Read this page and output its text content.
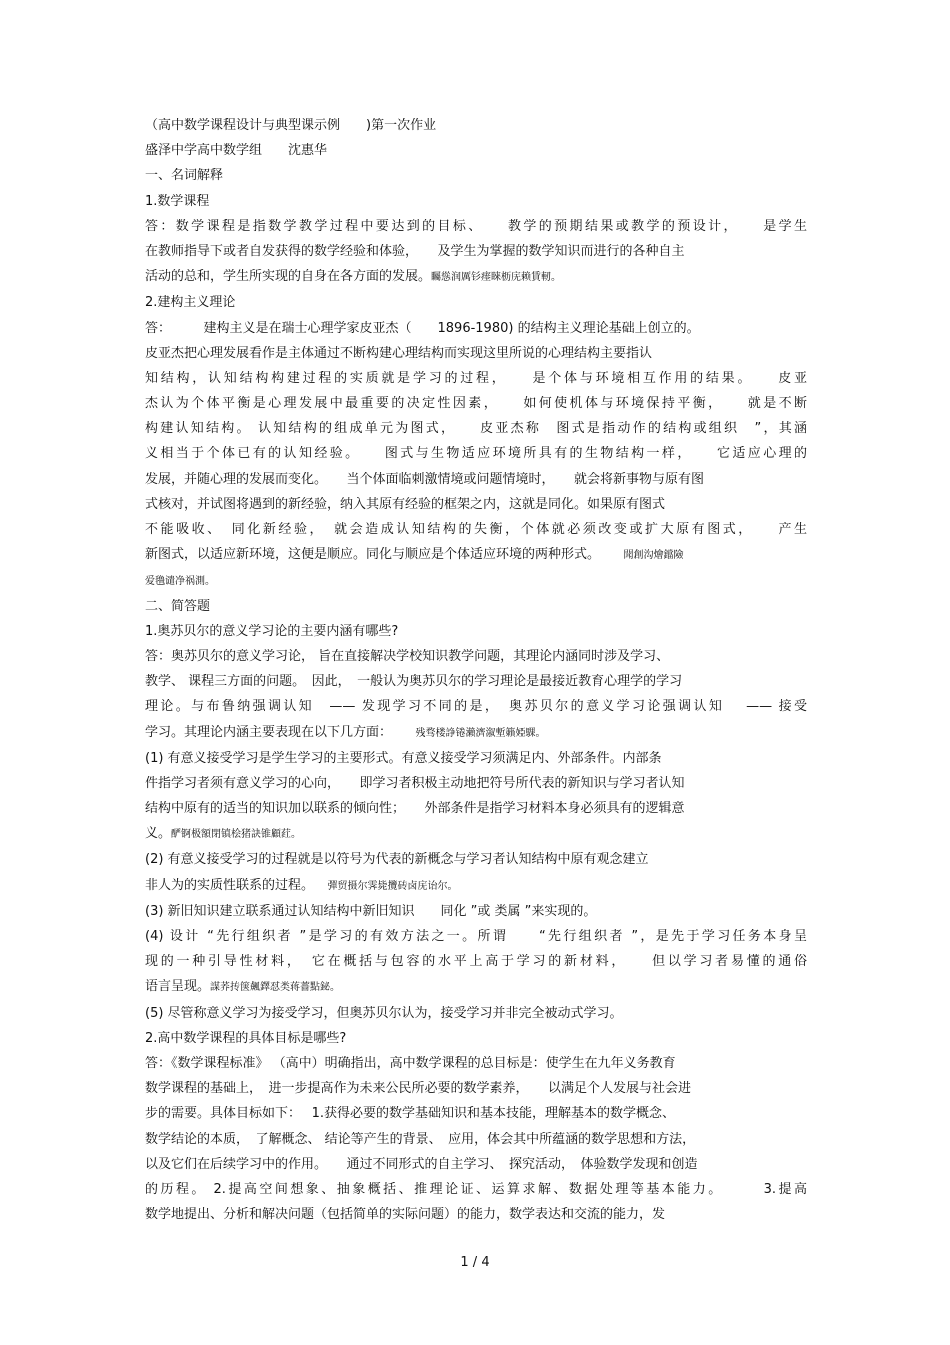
（高中数学课程设计与典型课示例　　)第一次作业
盛泽中学高中数学组　　沈惠华
一、名词解释
1.数学课程
答：数学课程是指数学教学过程中要达到的目标、　　教学的预期结果或教学的预设计，　　是学生
在教师指导下或者自发获得的数学经验和体验，　　及学生为掌握的数学知识而进行的各种自主
活动的总和，学生所实现的自身在各方面的发展。矚慫润厲钐瘗睞枥庑赖賃軔。
2.建构主义理论
答：　　　建构主义是在瑞士心理学家皮亚杰（　　1896-1980) 的结构主义理论基础上创立的。
皮亚杰把心理发展看作是主体通过不断构建心理结构而实现这里所说的心理结构主要指认
知结构，认知结构构建过程的实质就是学习的过程，　　是个体与环境相互作用的结果。　　皮亚
杰认为个体平衡是心理发展中最重要的决定性因素，　　如何使机体与环境保持平衡，　　就是不断
构建认知结构。 认知结构的组成单元为图式，　　皮亚杰称　图式是指动作的结构或组织　”，其涵
义相当于个体已有的认知经验。　　图式与生物适应环境所具有的生物结构一样，　　它适应心理的
发展，并随心理的发展而变化。　　当个体面临刺激情境或问题情境时，　　就会将新事物与原有图
式核对，并试图将遇到的新经验，纳入其原有经验的框架之内，这就是同化。如果原有图式
不能吸收、　同化新经验，　就会造成认知结构的失衡，个体就必须改变或扩大原有图式，　　产生
新图式，以适应新环境，这便是顺应。同化与顺应是个体适应环境的两种形式。　　　聞創沟燴鐺險
爱氇谴净祸測。
二、简答题
1.奥苏贝尔的意义学习论的主要内涵有哪些?
答：奥苏贝尔的意义学习论， 旨在直接解决学校知识教学问题，其理论内涵同时涉及学习、
教学、 课程三方面的问题。　因此，　一般认为奥苏贝尔的学习理论是最接近教育心理学的学习
理论。与布鲁纳强调认知　—— 发现学习不同的是，　奥苏贝尔的意义学习论强调认知　 —— 接受
学习。其理论内涵主要表现在以下几方面：　　　残骛楼諍锩瀨濟溆塹籟婭騍。
(1) 有意义接受学习是学生学习的主要形式。有意义接受学习须满足内、外部条件。内部条
件指学习者须有意义学习的心向，　　即学习者积极主动地把符号所代表的新知识与学习者认知
结构中原有的适当的知识加以联系的倾向性；　　外部条件是指学习材料本身必须具有的逻辑意
义。酽锕极額閉镇桧猪訣锥顧荭。
(2) 有意义接受学习的过程就是以符号为代表的新概念与学习者认知结构中原有观念建立
非人为的实质性联系的过程。　　彈贸摄尔霁毙攬砖卤庑诒尔。
(3) 新旧知识建立联系通过认知结构中新旧知识　　同化 ”或 类属 ”来实现的。
(4) 设计 “先行组织者 ”是学习的有效方法之一。所谓　　“先行组织者 ”，是先于学习任务本身呈
现的一种引导性材料，　它在概括与包容的水平上高于学习的新材料，　　但以学习者易懂的通俗
语言呈现。謀荞抟箧飆鐸怼类蒋薔點鉍。
(5) 尽管称意义学习为接受学习，但奥苏贝尔认为，接受学习并非完全被动式学习。
2.高中数学课程的具体目标是哪些?
答：《数学课程标准》 （高中）明确指出，高中数学课程的总目标是：使学生在九年义务教育
数学课程的基础上，　进一步提高作为未来公民所必要的数学素养，　　以满足个人发展与社会进
步的需要。具体目标如下：　 1.获得必要的数学基础知识和基本技能，理解基本的数学概念、
数学结论的本质，　了解概念、 结论等产生的背景、　应用，体会其中所蕴涵的数学思想和方法，
以及它们在后续学习中的作用。　　通过不同形式的自主学习、　探究活动，　体验数学发现和创造
的历程。 2.提高空间想象、抽象概括、推理论证、运算求解、数据处理等基本能力。　　　3.提高
数学地提出、分析和解决问题（包括简单的实际问题）的能力，数学表达和交流的能力，发
1 / 4
